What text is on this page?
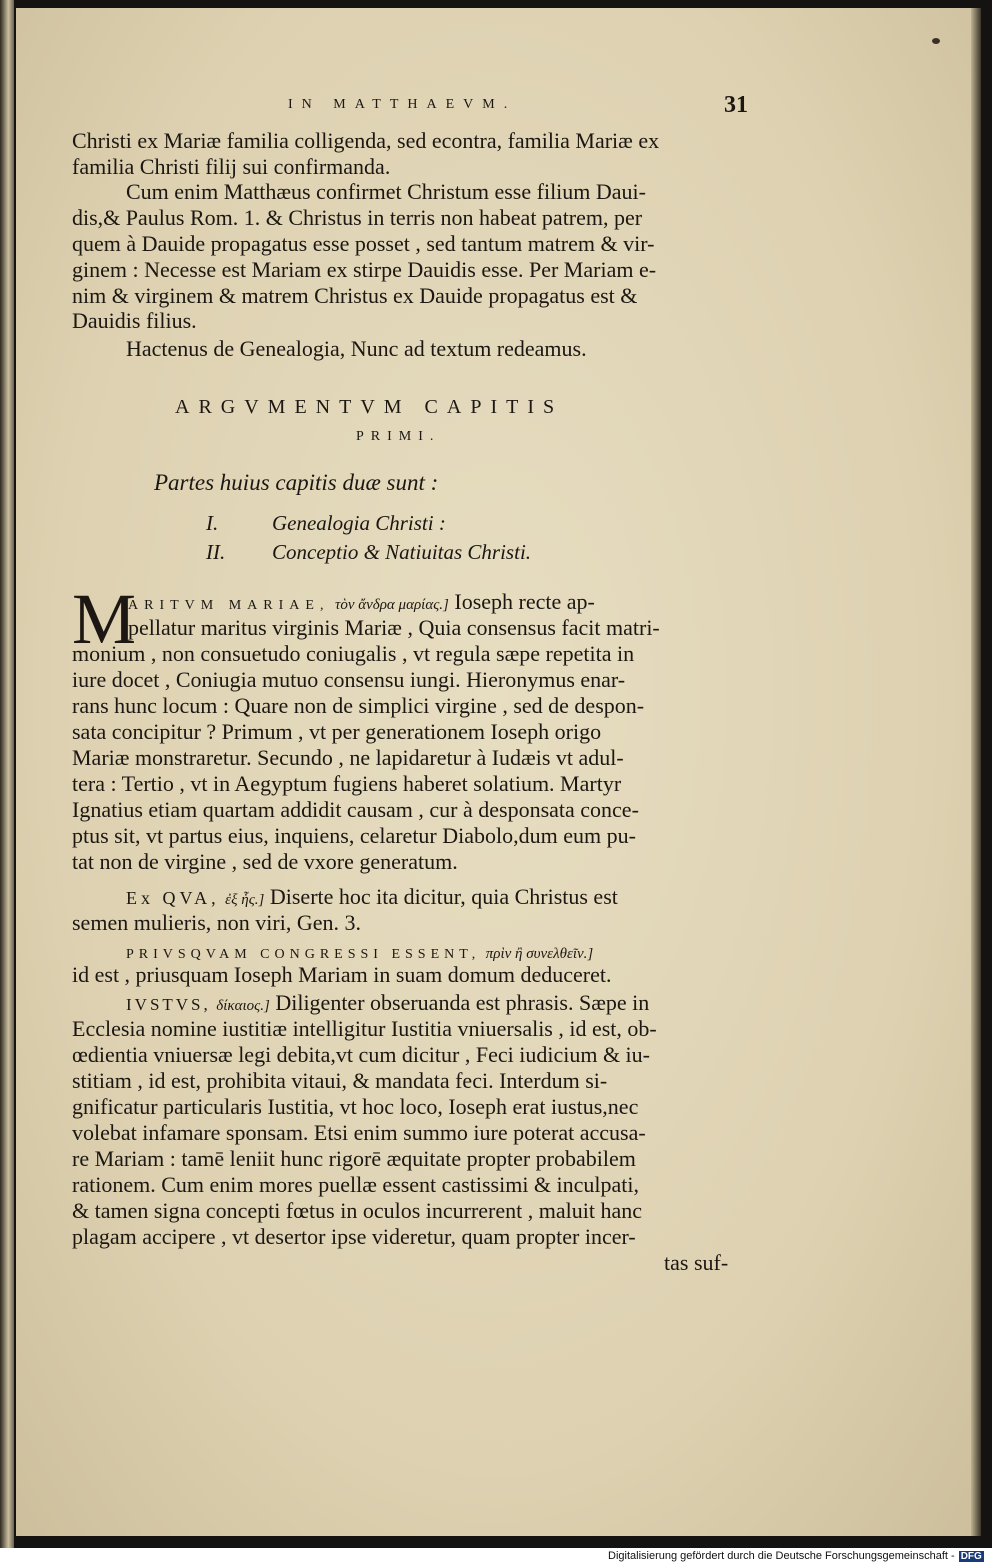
IN MATTHAEVM.	31
Christi ex Mariæ familia colligenda, sed econtra, familia Mariæ ex
familia Christi filij sui confirmanda.
Cum enim Matthæus confirmet Christum esse filium Daui-
dis,& Paulus Rom. 1. & Christus in terris non habeat patrem, per
quem à Dauide propagatus esse posset , sed tantum matrem & vir-
ginem : Necesse est Mariam ex stirpe Dauidis esse. Per Mariam e-
nim & virginem & matrem Christus ex Dauide propagatus est &
Dauidis filius.
Hactenus de Genealogia, Nunc ad textum redeamus.
ARGVMENTVM CAPITIS
PRIMI.
Partes huius capitis duæ sunt :
I.	Genealogia Christi :
II. Conceptio & Natiuitas Christi.
M
ARITVM MARIAE, τὸν ἄνδρα μαρίας.] Ioseph recte ap-
pellatur maritus virginis Mariæ , Quia consensus facit matri-
monium , non consuetudo coniugalis , vt regula sæpe repetita in
iure docet , Coniugia mutuo consensu iungi. Hieronymus enar-
rans hunc locum : Quare non de simplici virgine , sed de despon-
sata concipitur ? Primum , vt per generationem Ioseph origo
Mariæ monstraretur. Secundo , ne lapidaretur à Iudæis vt adul-
tera : Tertio , vt in Aegyptum fugiens haberet solatium. Martyr
Ignatius etiam quartam addidit causam , cur à desponsata conce-
ptus sit, vt partus eius, inquiens, celaretur Diabolo,dum eum pu-
tat non de virgine , sed de vxore generatum.
Ex QVA, ἐξ ἧς.] Diserte hoc ita dicitur, quia Christus est
semen mulieris, non viri, Gen. 3.
PRIVSQVAM CONGRESSI ESSENT, πρὶν ἢ συνελθεῖν.]
id est , priusquam Ioseph Mariam in suam domum deduceret.
IVSTVS, δίκαιος.] Diligenter obseruanda est phrasis. Sæpe in
Ecclesia nomine iustitiæ intelligitur Iustitia vniuersalis , id est, ob-
œdientia vniuersæ legi debita,vt cum dicitur , Feci iudicium & iu-
stitiam , id est, prohibita vitaui, & mandata feci. Interdum si-
gnificatur particularis Iustitia, vt hoc loco, Ioseph erat iustus,nec
volebat infamare sponsam. Etsi enim summo iure poterat accusa-
re Mariam : tamē leniit hunc rigorē æquitate propter probabilem
rationem. Cum enim mores puellæ essent castissimi & inculpati,
& tamen signa concepti fœtus in oculos incurrerent , maluit hanc
plagam accipere , vt desertor ipse videretur, quam propter incer-
tas suf-
Digitalisierung gefördert durch die Deutsche Forschungsgemeinschaft - DFG
